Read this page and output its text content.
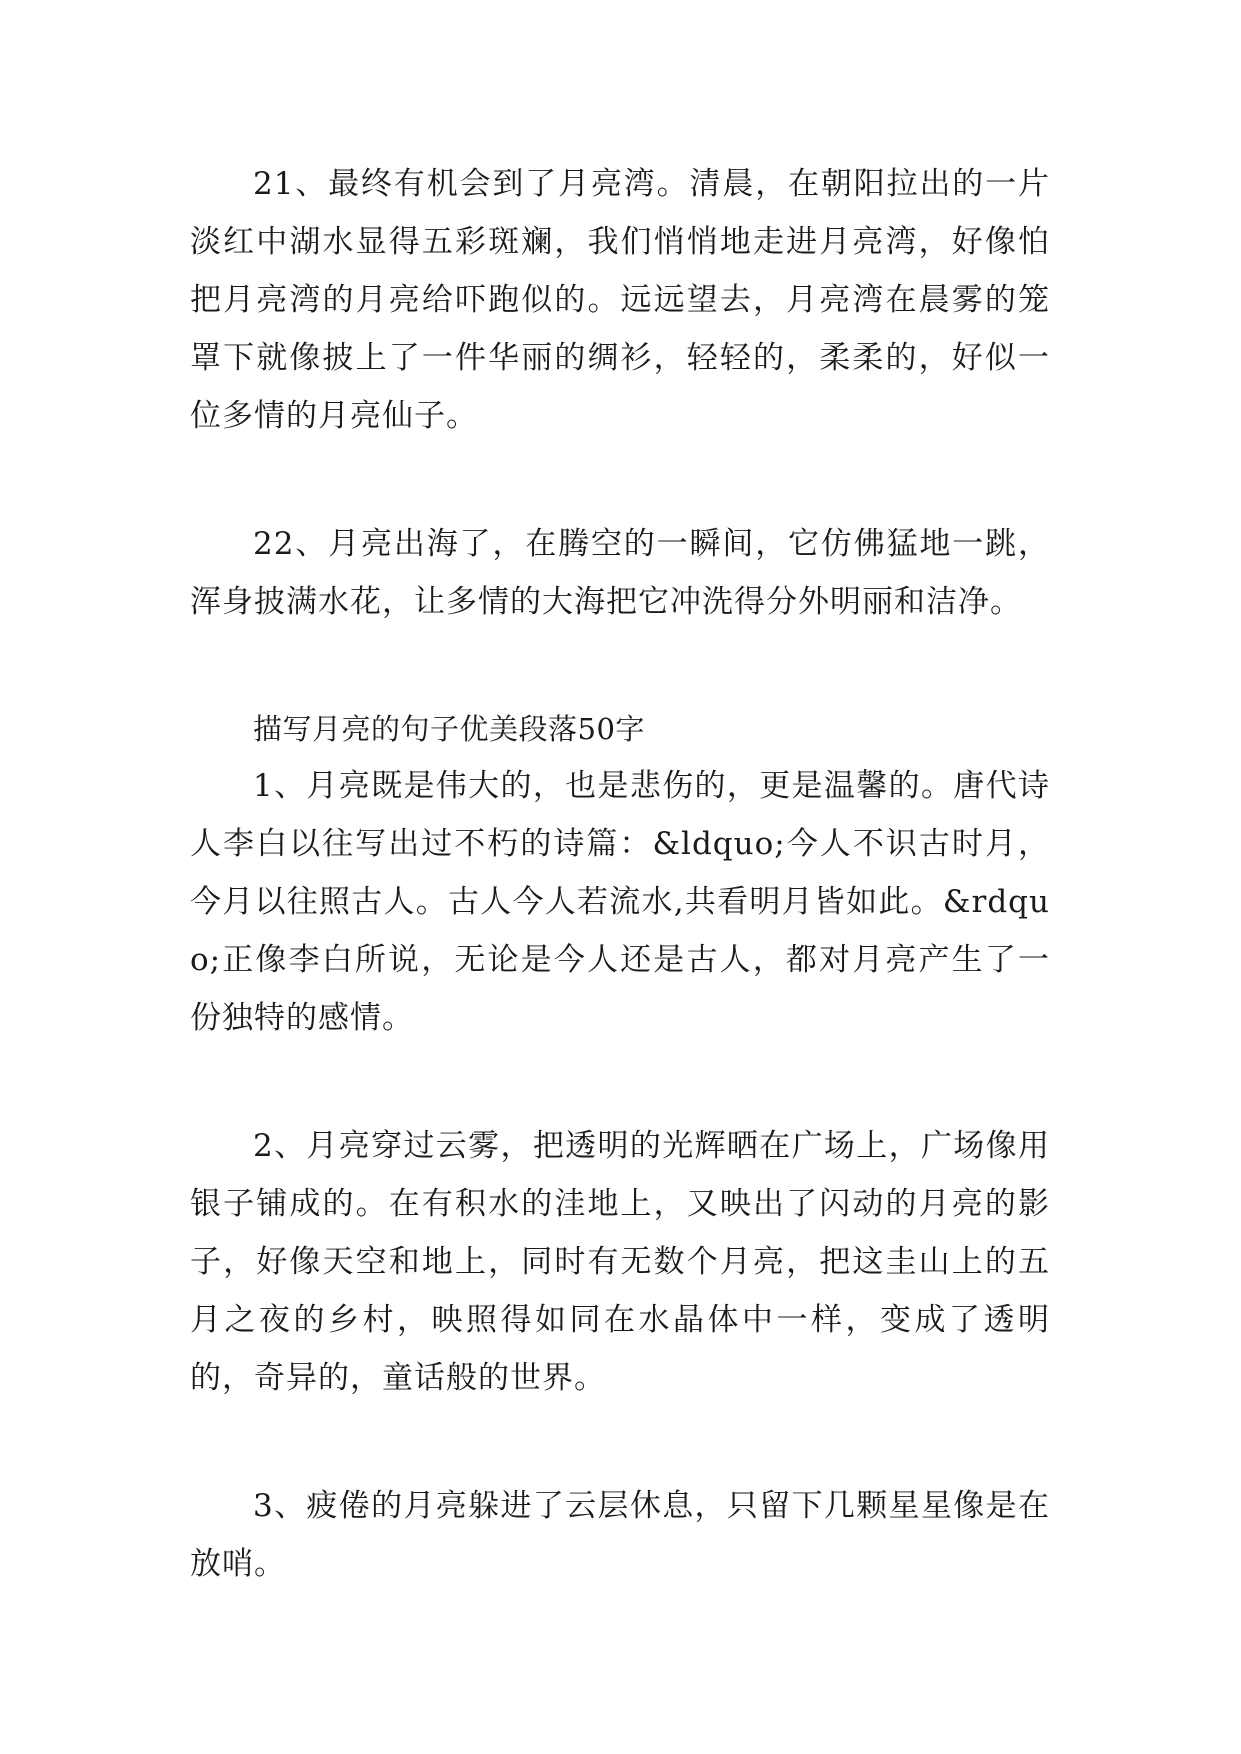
21、最终有机会到了月亮湾。清晨，在朝阳拉出的一片淡红中湖水显得五彩斑斓，我们悄悄地走进月亮湾，好像怕把月亮湾的月亮给吓跑似的。远远望去，月亮湾在晨雾的笼罩下就像披上了一件华丽的绸衫，轻轻的，柔柔的，好似一位多情的月亮仙子。

22、月亮出海了，在腾空的一瞬间，它仿佛猛地一跳，浑身披满水花，让多情的大海把它冲洗得分外明丽和洁净。

描写月亮的句子优美段落50字

1、月亮既是伟大的，也是悲伤的，更是温馨的。唐代诗人李白以往写出过不朽的诗篇：&ldquo;今人不识古时月，今月以往照古人。古人今人若流水,共看明月皆如此。&rdquo;正像李白所说，无论是今人还是古人，都对月亮产生了一份独特的感情。

2、月亮穿过云雾，把透明的光辉晒在广场上，广场像用银子铺成的。在有积水的洼地上，又映出了闪动的月亮的影子，好像天空和地上，同时有无数个月亮，把这圭山上的五月之夜的乡村，映照得如同在水晶体中一样，变成了透明的，奇异的，童话般的世界。

3、疲倦的月亮躲进了云层休息，只留下几颗星星像是在放哨。
